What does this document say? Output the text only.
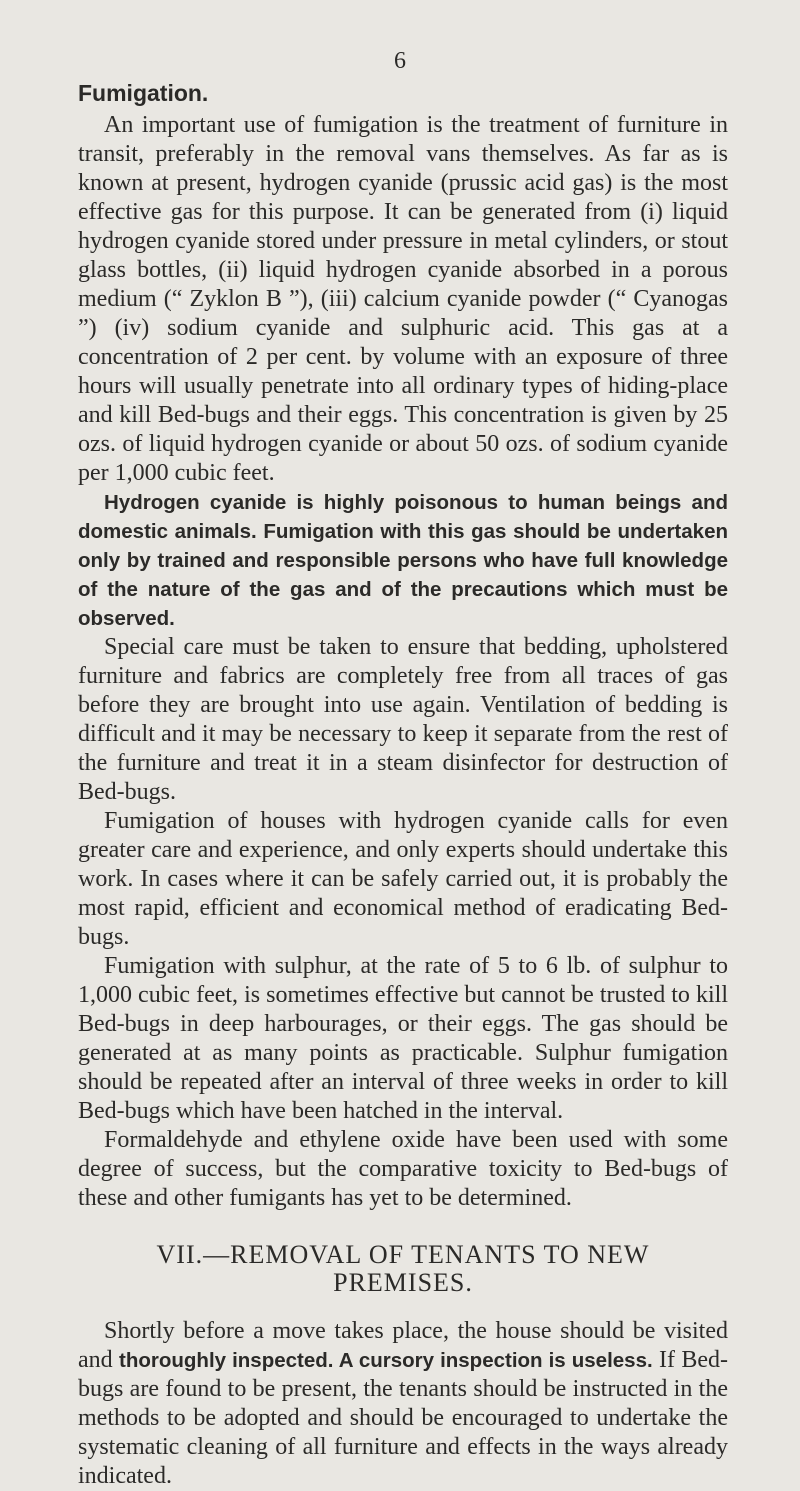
6
Fumigation.

An important use of fumigation is the treatment of furniture in transit, preferably in the removal vans themselves. As far as is known at present, hydrogen cyanide (prussic acid gas) is the most effective gas for this purpose. It can be generated from (i) liquid hydrogen cyanide stored under pressure in metal cylinders, or stout glass bottles, (ii) liquid hydrogen cyanide absorbed in a porous medium (“ Zyklon B ”), (iii) calcium cyanide powder (“ Cyanogas ”) (iv) sodium cyanide and sulphuric acid. This gas at a concentration of 2 per cent. by volume with an exposure of three hours will usually penetrate into all ordinary types of hiding-place and kill Bed-bugs and their eggs. This concentration is given by 25 ozs. of liquid hydrogen cyanide or about 50 ozs. of sodium cyanide per 1,000 cubic feet.

Hydrogen cyanide is highly poisonous to human beings and domestic animals. Fumigation with this gas should be undertaken only by trained and responsible persons who have full knowledge of the nature of the gas and of the precautions which must be observed.

Special care must be taken to ensure that bedding, upholstered furniture and fabrics are completely free from all traces of gas before they are brought into use again. Ventilation of bedding is difficult and it may be necessary to keep it separate from the rest of the furniture and treat it in a steam disinfector for destruction of Bed-bugs.

Fumigation of houses with hydrogen cyanide calls for even greater care and experience, and only experts should undertake this work. In cases where it can be safely carried out, it is probably the most rapid, efficient and economical method of eradicating Bed-bugs.

Fumigation with sulphur, at the rate of 5 to 6 lb. of sulphur to 1,000 cubic feet, is sometimes effective but cannot be trusted to kill Bed-bugs in deep harbourages, or their eggs. The gas should be generated at as many points as practicable. Sulphur fumigation should be repeated after an interval of three weeks in order to kill Bed-bugs which have been hatched in the interval.

Formaldehyde and ethylene oxide have been used with some degree of success, but the comparative toxicity to Bed-bugs of these and other fumigants has yet to be determined.

VII.—REMOVAL OF TENANTS TO NEW
PREMISES.

Shortly before a move takes place, the house should be visited and thoroughly inspected. A cursory inspection is useless. If Bed-bugs are found to be present, the tenants should be instructed in the methods to be adopted and should be encouraged to undertake the systematic cleaning of all furniture and effects in the ways already indicated.
